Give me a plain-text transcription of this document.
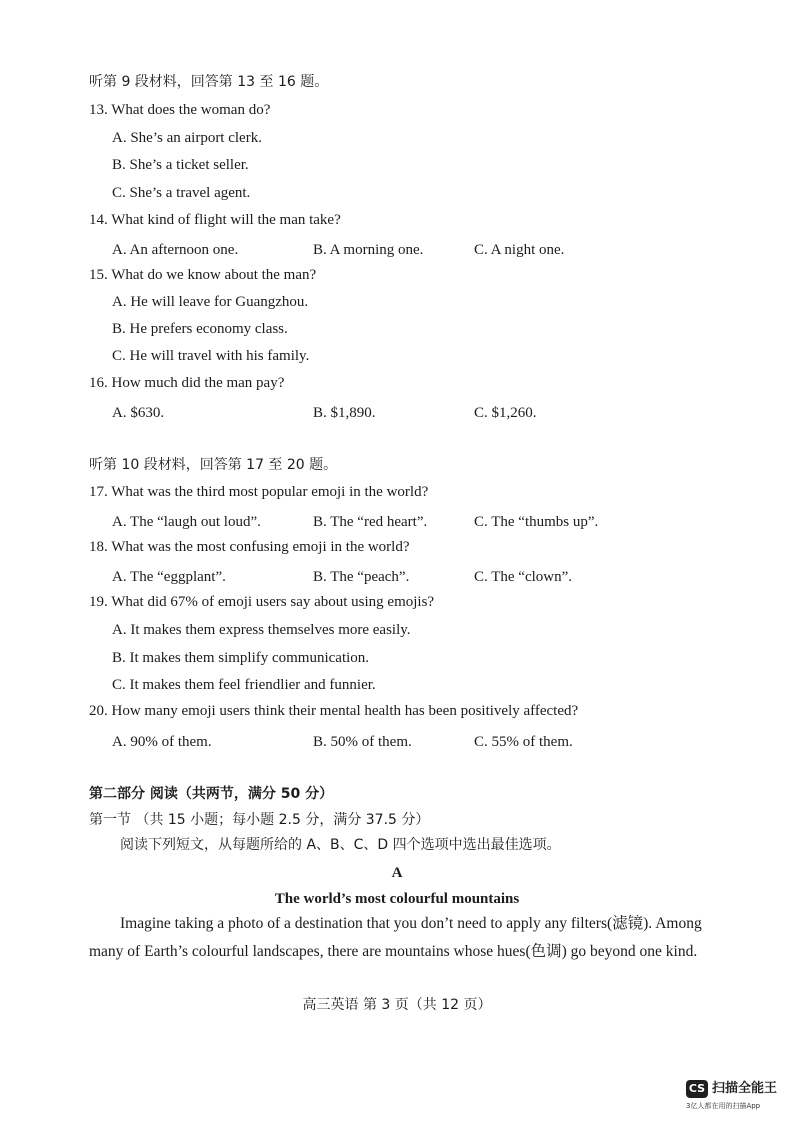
听第 9 段材料，回答第 13 至 16 题。
13. What does the woman do?
A. She’s an airport clerk.
B. She’s a ticket seller.
C. She’s a travel agent.
14. What kind of flight will the man take?
A. An afternoon one.	B. A morning one.	C. A night one.
15. What do we know about the man?
A. He will leave for Guangzhou.
B. He prefers economy class.
C. He will travel with his family.
16. How much did the man pay?
A. $630.	B. $1,890.	C. $1,260.
听第 10 段材料，回答第 17 至 20 题。
17. What was the third most popular emoji in the world?
A. The “laugh out loud”.	B. The “red heart”.	C. The “thumbs up”.
18. What was the most confusing emoji in the world?
A. The “eggplant”.	B. The “peach”.	C. The “clown”.
19. What did 67% of emoji users say about using emojis?
A. It makes them express themselves more easily.
B. It makes them simplify communication.
C. It makes them feel friendlier and funnier.
20. How many emoji users think their mental health has been positively affected?
A. 90% of them.	B. 50% of them.	C. 55% of them.
第二部分 阅读（共两节，满分 50 分）
第一节 （共 15 小题；每小题 2.5 分，满分 37.5 分）
阅读下列短文，从每题所给的 A、B、C、D 四个选项中选出最佳选项。
A
The world’s most colourful mountains
Imagine taking a photo of a destination that you don’t need to apply any filters(滤镜). Among
many of Earth’s colourful landscapes, there are mountains whose hues(色调) go beyond one kind.
高三英语 第 3 页（共 12 页）
CS 扫描全能王
3亿人都在用的扫描App
